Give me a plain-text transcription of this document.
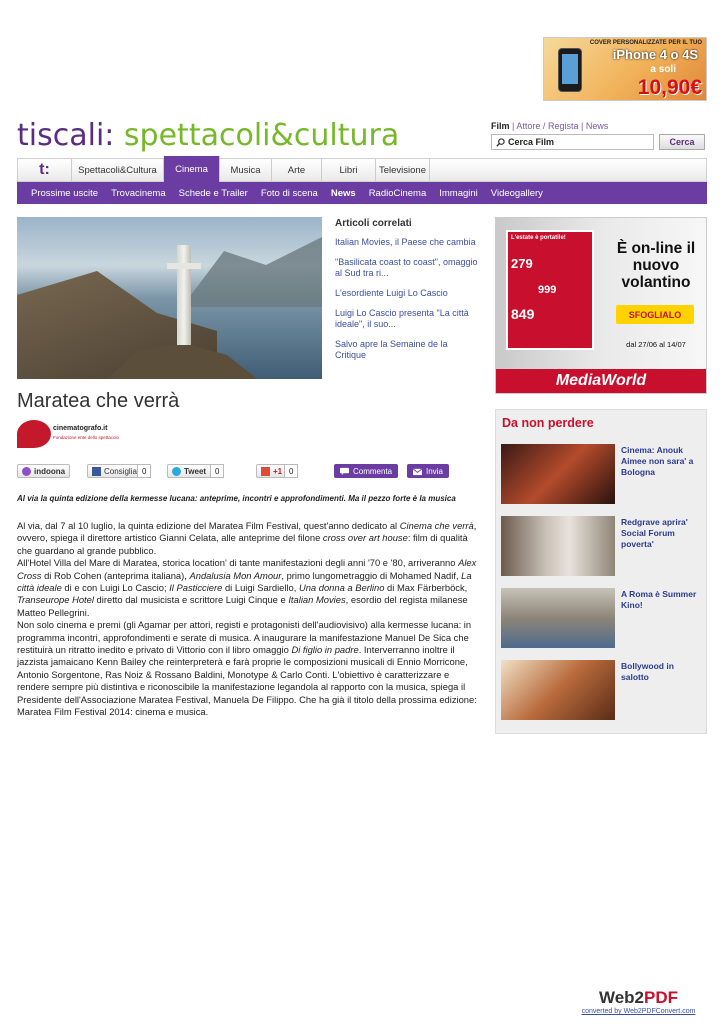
COVER PERSONALIZZATE PER IL TUO
iPhone 4 o 4S
a soli
10,90€
tiscali: spettacoli&cultura	Film | Attore / Regista | News
Cerca Film	Cerca
t:	Spettacoli&Cultura	Cinema	Musica	Arte	Libri	Televisione
Prossime uscite Trovacinema Schede e Trailer Foto di scena News RadioCinema Immagini Videogallery
Articoli correlati
Italian Movies, il Paese che cambia
"Basilicata coast to coast", omaggio al Sud tra ri...
L'esordiente Luigi Lo Cascio
Luigi Lo Cascio presenta "La città ideale", il suo...
Salvo apre la Semaine de la Critique
Maratea che verrà
cinematografo.it
Fondazione ente dello spettacolo
indoona	Consiglia 0	Tweet	0	+1 0	Commenta	Invia

Al via la quinta edizione della kermesse lucana: anteprime, incontri e approfondimenti. Ma il pezzo forte è la musica

Al via, dal 7 al 10 luglio, la quinta edizione del Maratea Film Festival, quest'anno dedicato al Cinema che verrà, ovvero, spiega il direttore artistico Gianni Celata, alle anteprime del filone cross over art house: film di qualità che guardano al grande pubblico.

All'Hotel Villa del Mare di Maratea, storica location' di tante manifestazioni degli anni '70 e '80, arriveranno Alex Cross di Rob Cohen (anteprima italiana), Andalusia Mon Amour, primo lungometraggio di Mohamed Nadif, La città ideale di e con Luigi Lo Cascio; Il Pasticciere di Luigi Sardiello, Una donna a Berlino di Max Färberböck, Transeurope Hotel diretto dal musicista e scrittore Luigi Cinque e Italian Movies, esordio del regista milanese Matteo Pellegrini.

Non solo cinema e premi (gli Agamar per attori, registi e protagonisti dell'audiovisivo) alla kermesse lucana: in programma incontri, approfondimenti e serate di musica. A inaugurare la manifestazione Manuel De Sica che restituirà un ritratto inedito e privato di Vittorio con il libro omaggio Di figlio in padre. Interverranno inoltre il jazzista jamaicano Kenn Bailey che reinterpreterà e farà proprie le composizioni musicali di Ennio Morricone, Antonio Sorgentone, Ras Noiz & Rossano Baldini, Monotype & Carlo Conti. L'obiettivo è caratterizzare e rendere sempre più distintiva e riconoscibile la manifestazione legandola al rapporto con la musica, spiega il Presidente dell'Associazione Maratea Festival, Manuela De Filippo. Che ha già il titolo della prossima edizione: Maratea Film Festival 2014: cinema e musica.

L'estate è portatile!
279
999
849
È on-line il nuovo volantino
SFOGLIALO
dal 27/06 al 14/07
MediaWorld
Da non perdere
Cinema: Anouk Aimee non sara' a Bologna
Redgrave aprira' Social Forum poverta'
A Roma è Summer Kino!
Bollywood in salotto
Web2PDF
converted by Web2PDFConvert.com
